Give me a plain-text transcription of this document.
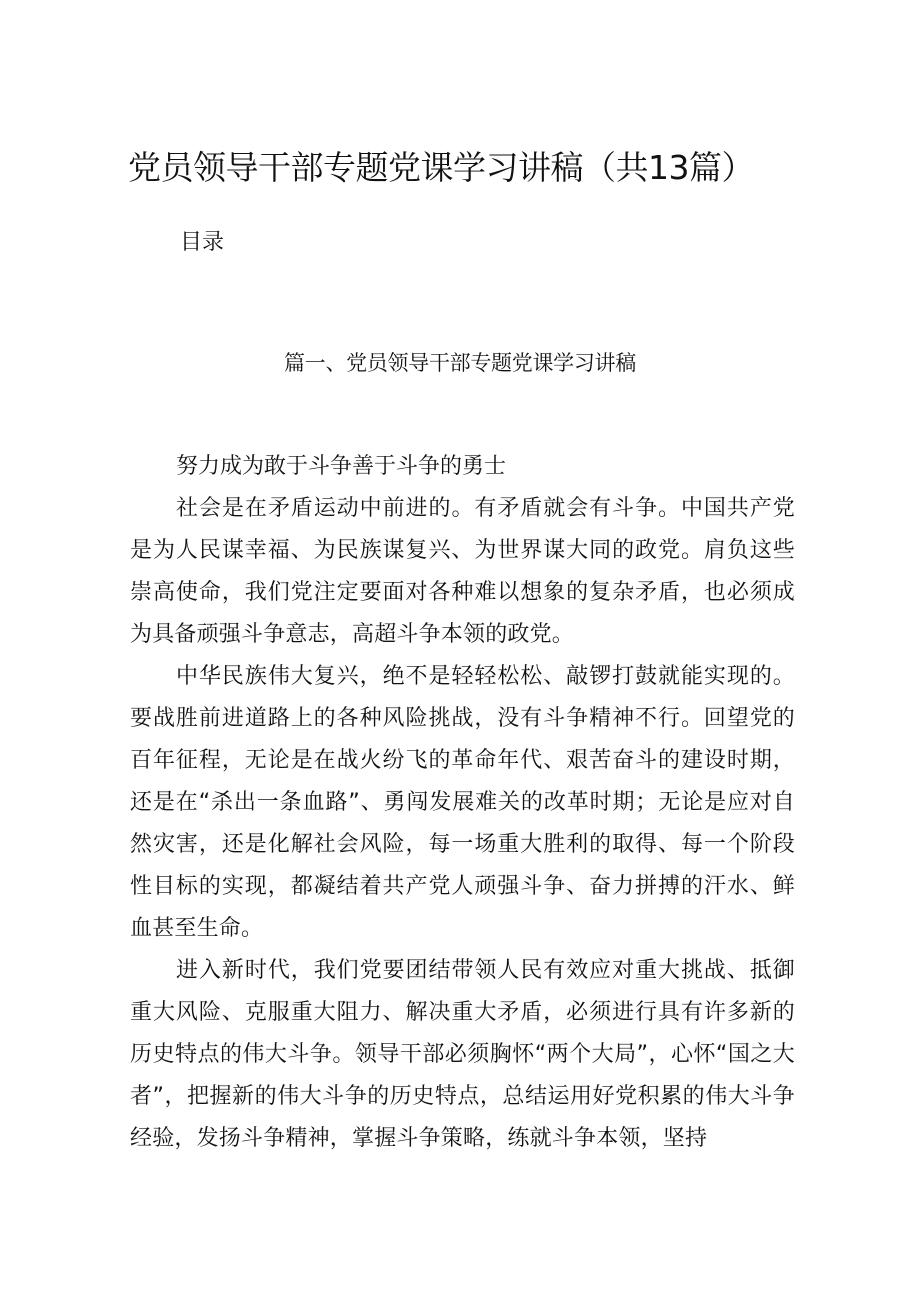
党员领导干部专题党课学习讲稿（共13篇）
目录
篇一、党员领导干部专题党课学习讲稿

努力成为敢于斗争善于斗争的勇士

社会是在矛盾运动中前进的。有矛盾就会有斗争。中国共产党是为人民谋幸福、为民族谋复兴、为世界谋大同的政党。肩负这些崇高使命，我们党注定要面对各种难以想象的复杂矛盾，也必须成为具备顽强斗争意志，高超斗争本领的政党。

中华民族伟大复兴，绝不是轻轻松松、敲锣打鼓就能实现的。要战胜前进道路上的各种风险挑战，没有斗争精神不行。回望党的百年征程，无论是在战火纷飞的革命年代、艰苦奋斗的建设时期，还是在“杀出一条血路”、勇闯发展难关的改革时期；无论是应对自然灾害，还是化解社会风险，每一场重大胜利的取得、每一个阶段性目标的实现，都凝结着共产党人顽强斗争、奋力拼搏的汗水、鲜血甚至生命。

进入新时代，我们党要团结带领人民有效应对重大挑战、抵御重大风险、克服重大阻力、解决重大矛盾，必须进行具有许多新的历史特点的伟大斗争。领导干部必须胸怀“两个大局”，心怀“国之大者”，把握新的伟大斗争的历史特点，总结运用好党积累的伟大斗争经验，发扬斗争精神，掌握斗争策略，练就斗争本领，坚持
